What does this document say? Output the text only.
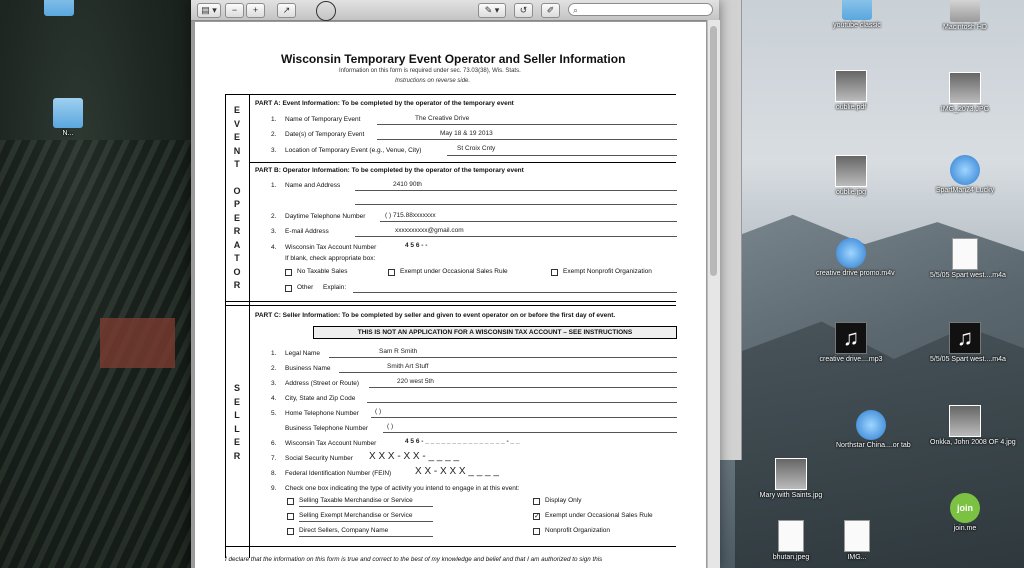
N...
youtube classic	Macintosh HD
oublie.pdf	IMG_2073.JPG
oublie.jpg	SpartMan24 Lucky
creative drive promo.m4v	5/5/05 Spart west....m4a
♫
creative drive....mp3
♫
5/5/05 Spart west....m4a
Northstar China....or tab	Onkka, John 2008 OF 4.jpg
Mary with Saints.jpg
join
join.me
bhutan.jpeg	IMG...
▤ ▾	−	+	↗	✎ ▾	↺	✐	⌕
Wisconsin Temporary Event Operator and Seller Information
Information on this form is required under sec. 73.03(38), Wis. Stats.
Instructions on reverse side.
E
V
E
N
T
O
P
E
R
A
T
O
R
S
E
L
L
E
R
PART A: Event Information: To be completed by the operator of the temporary event
1. Name of Temporary Event	The Creative Drive
2. Date(s) of Temporary Event	May 18 & 19 2013
3. Location of Temporary Event (e.g., Venue, City)	St Croix Cnty
PART B: Operator Information: To be completed by the operator of the temporary event
1. Name and Address	2410 90th
2. Daytime Telephone Number	( ) 715.88xxxxxxx
3. E-mail Address	xxxxxxxxxx@gmail.com
4. Wisconsin Tax Account Number	4 5 6 - -
If blank, check appropriate box:
No Taxable Sales	Exempt under Occasional Sales Rule	Exempt Nonprofit Organization
Other Explain:
PART C: Seller Information: To be completed by seller and given to event operator on or before the first day of event.
THIS IS NOT AN APPLICATION FOR A WISCONSIN TAX ACCOUNT – SEE INSTRUCTIONS
1. Legal Name	Sam R Smith
2. Business Name	Smith Art Stuff
3. Address (Street or Route)	220 west 5th
4. City, State and Zip Code
5. Home Telephone Number ( )
Business Telephone Number	( )
6. Wisconsin Tax Account Number	4 5 6 - _ _ _ _ _ _ _ _ _ _ _ _ _ _ _ - _ _
7. Social Security Number X X X - X X - _ _ _ _
8. Federal Identification Number (FEIN) X X - X X X _ _ _ _
9. Check one box indicating the type of activity you intend to engage in at this event:
Selling Taxable Merchandise or Service
Selling Exempt Merchandise or Service
Direct Sellers, Company Name
Display Only
✓ Exempt under Occasional Sales Rule
Nonprofit Organization
I declare that the information on this form is true and correct to the best of my knowledge and belief and that I am authorized to sign this
